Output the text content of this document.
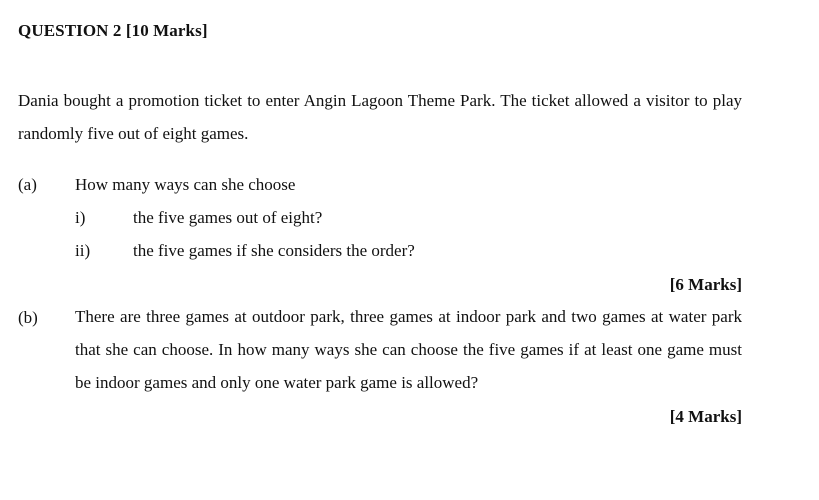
QUESTION 2 [10 Marks]
Dania bought a promotion ticket to enter Angin Lagoon Theme Park. The ticket allowed a visitor to play randomly five out of eight games.
(a) How many ways can she choose
i)	the five games out of eight?
ii)	the five games if she considers the order?
[6 Marks]
(b) There are three games at outdoor park, three games at indoor park and two games at water park that she can choose. In how many ways she can choose the five games if at least one game must be indoor games and only one water park game is allowed?
[4 Marks]
